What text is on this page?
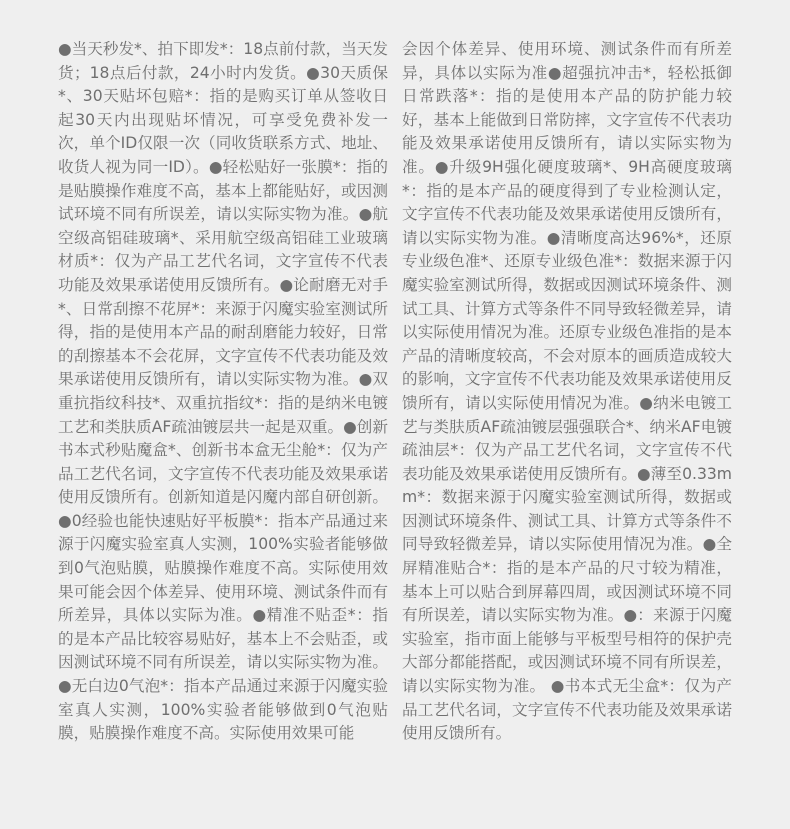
●当天秒发*、拍下即发*：18点前付款，当天发货；18点后付款，24小时内发货。●30天质保*、30天贴坏包赔*：指的是购买订单从签收日起30天内出现贴坏情况，可享受免费补发一次，单个ID仅限一次（同收货联系方式、地址、收货人视为同一ID）。●轻松贴好一张膜*：指的是贴膜操作难度不高，基本上都能贴好，或因测试环境不同有所误差，请以实际实物为准。●航空级高铝硅玻璃*、采用航空级高铝硅工业玻璃材质*：仅为产品工艺代名词，文字宣传不代表功能及效果承诺使用反馈所有。●论耐磨无对手*、日常刮擦不花屏*：来源于闪魔实验室测试所得，指的是使用本产品的耐刮磨能力较好，日常的刮擦基本不会花屏，文字宣传不代表功能及效果承诺使用反馈所有，请以实际实物为准。●双重抗指纹科技*、双重抗指纹*：指的是纳米电镀工艺和类肤质AF疏油镀层共一起是双重。●创新书本式秒贴魔盒*、创新书本盒无尘舱*：仅为产品工艺代名词，文字宣传不代表功能及效果承诺使用反馈所有。创新知道是闪魔内部自研创新。●0经验也能快速贴好平板膜*：指本产品通过来源于闪魔实验室真人实测，100%实验者能够做到0气泡贴膜，贴膜操作难度不高。实际使用效果可能会因个体差异、使用环境、测试条件而有所差异，具体以实际为准。●精准不贴歪*：指的是本产品比较容易贴好，基本上不会贴歪，或因测试环境不同有所误差，请以实际实物为准。●无白边0气泡*：指本产品通过来源于闪魔实验室真人实测，100%实验者能够做到0气泡贴膜，贴膜操作难度不高。实际使用效果可能
会因个体差异、使用环境、测试条件而有所差异，具体以实际为准●超强抗冲击*，轻松抵御日常跌落*：指的是使用本产品的防护能力较好，基本上能做到日常防摔，文字宣传不代表功能及效果承诺使用反馈所有，请以实际实物为准。●升级9H强化硬度玻璃*、9H高硬度玻璃*：指的是本产品的硬度得到了专业检测认定，文字宣传不代表功能及效果承诺使用反馈所有，请以实际实物为准。●清晰度高达96%*，还原专业级色准*、还原专业级色准*：数据来源于闪魔实验室测试所得，数据或因测试环境条件、测试工具、计算方式等条件不同导致轻微差异，请以实际使用情况为准。还原专业级色准指的是本产品的清晰度较高，不会对原本的画质造成较大的影响，文字宣传不代表功能及效果承诺使用反馈所有，请以实际使用情况为准。●纳米电镀工艺与类肤质AF疏油镀层强强联合*、纳米AF电镀疏油层*：仅为产品工艺代名词，文字宣传不代表功能及效果承诺使用反馈所有。●薄至0.33mm*：数据来源于闪魔实验室测试所得，数据或因测试环境条件、测试工具、计算方式等条件不同导致轻微差异，请以实际使用情况为准。●全屏精准贴合*：指的是本产品的尺寸较为精准，基本上可以贴合到屏幕四周，或因测试环境不同有所误差，请以实际实物为准。●：来源于闪魔实验室，指市面上能够与平板型号相符的保护壳大部分都能搭配，或因测试环境不同有所误差，请以实际实物为准。 ●书本式无尘盒*：仅为产品工艺代名词，文字宣传不代表功能及效果承诺使用反馈所有。
